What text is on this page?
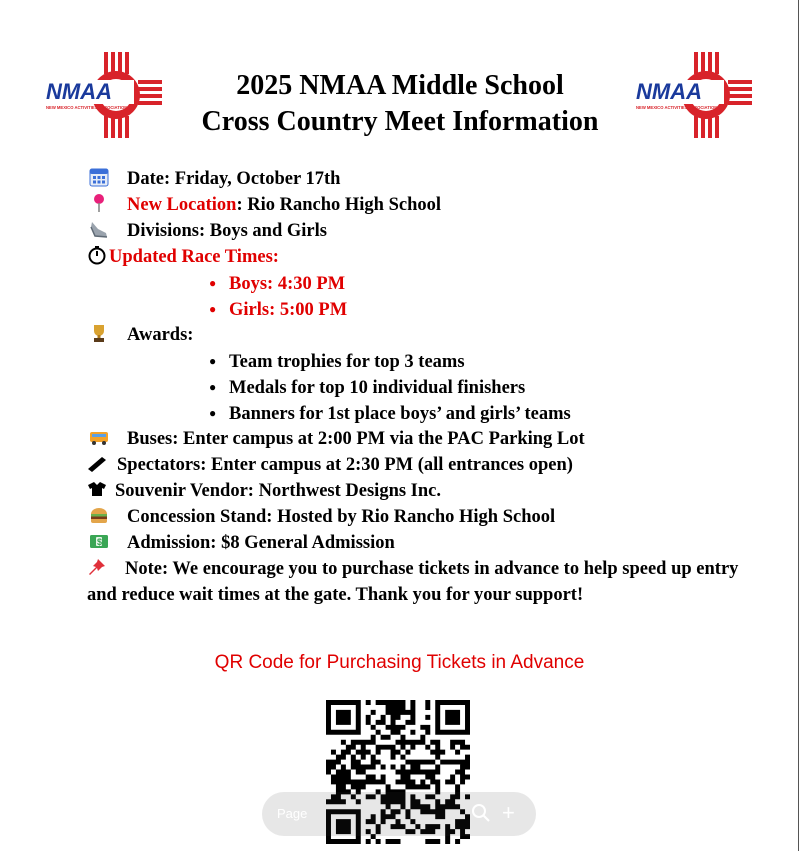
NMAA
NEW MEXICO ACTIVITIES ASSOCIATION
2025 NMAA Middle School
Cross Country Meet Information
NMAA
NEW MEXICO ACTIVITIES ASSOCIATION
Date: Friday, October 17th
New Location: Rio Rancho High School
Divisions: Boys and Girls
Updated Race Times:
● Boys: 4:30 PM
● Girls: 5:00 PM
Awards:
● Team trophies for top 3 teams
● Medals for top 10 individual finishers
● Banners for 1st place boys’ and girls’ teams
Buses: Enter campus at 2:00 PM via the PAC Parking Lot
Spectators: Enter campus at 2:30 PM (all entrances open)
Souvenir Vendor: Northwest Designs Inc.
Concession Stand: Hosted by Rio Rancho High School
$ Admission: $8 General Admission
Note: We encourage you to purchase tickets in advance to help speed up entry and reduce wait times at the gate. Thank you for your support!
QR Code for Purchasing Tickets in Advance
Page	+
